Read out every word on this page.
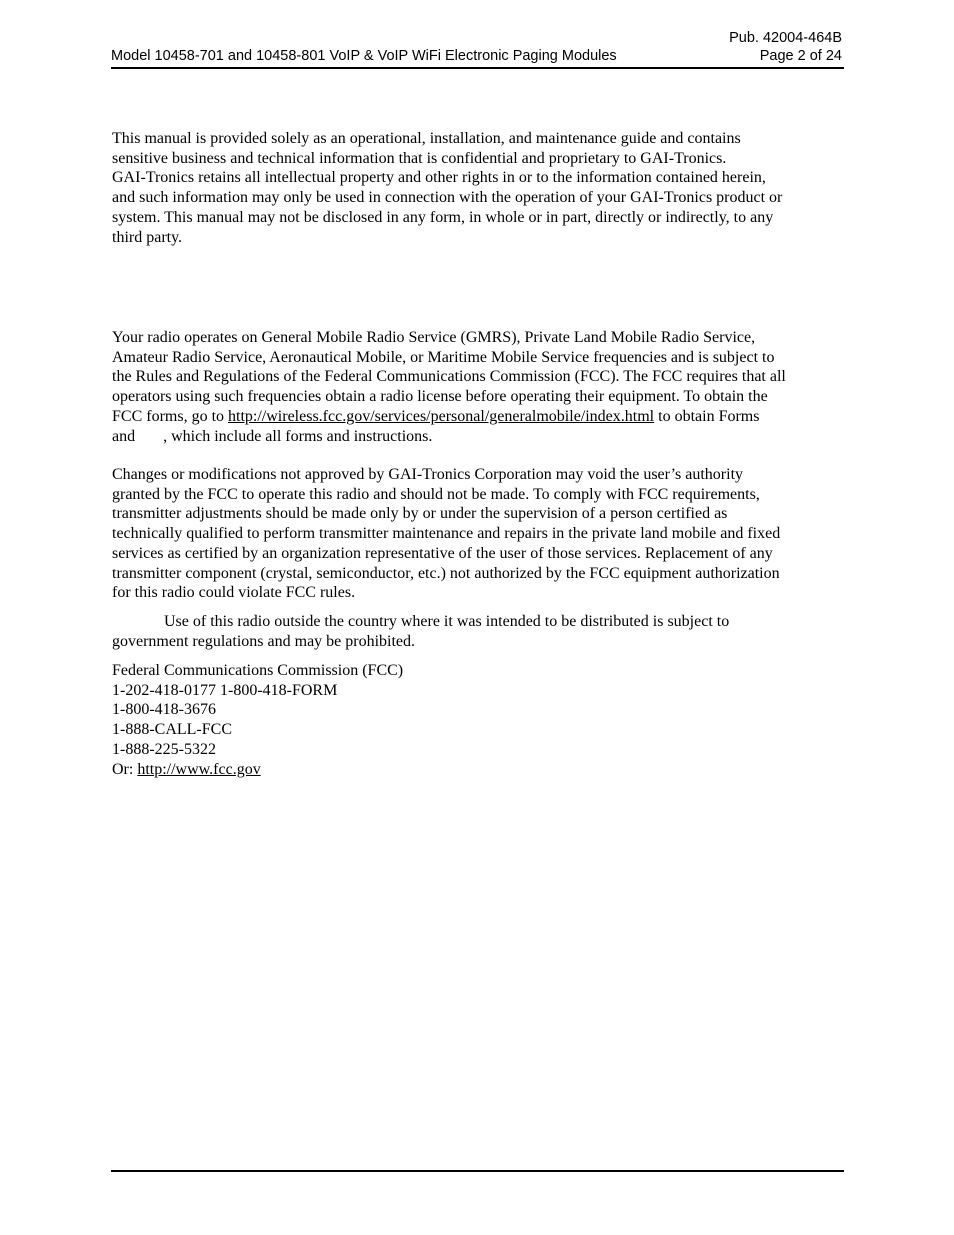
Model 10458-701 and 10458-801 VoIP & VoIP WiFi Electronic Paging Modules
Pub. 42004-464B
Page 2 of 24
This manual is provided solely as an operational, installation, and maintenance guide and contains
sensitive business and technical information that is confidential and proprietary to GAI-Tronics.
GAI-Tronics retains all intellectual property and other rights in or to the information contained herein,
and such information may only be used in connection with the operation of your GAI-Tronics product or
system. This manual may not be disclosed in any form, in whole or in part, directly or indirectly, to any
third party.
Your radio operates on General Mobile Radio Service (GMRS), Private Land Mobile Radio Service,
Amateur Radio Service, Aeronautical Mobile, or Maritime Mobile Service frequencies and is subject to
the Rules and Regulations of the Federal Communications Commission (FCC). The FCC requires that all
operators using such frequencies obtain a radio license before operating their equipment. To obtain the
FCC forms, go to http://wireless.fcc.gov/services/personal/generalmobile/index.html to obtain Forms
and       , which include all forms and instructions.
Changes or modifications not approved by GAI-Tronics Corporation may void the user’s authority
granted by the FCC to operate this radio and should not be made. To comply with FCC requirements,
transmitter adjustments should be made only by or under the supervision of a person certified as
technically qualified to perform transmitter maintenance and repairs in the private land mobile and fixed
services as certified by an organization representative of the user of those services. Replacement of any
transmitter component (crystal, semiconductor, etc.) not authorized by the FCC equipment authorization
for this radio could violate FCC rules.
Use of this radio outside the country where it was intended to be distributed is subject to
government regulations and may be prohibited.
Federal Communications Commission (FCC)
1-202-418-0177 1-800-418-FORM
1-800-418-3676
1-888-CALL-FCC
1-888-225-5322
Or: http://www.fcc.gov
